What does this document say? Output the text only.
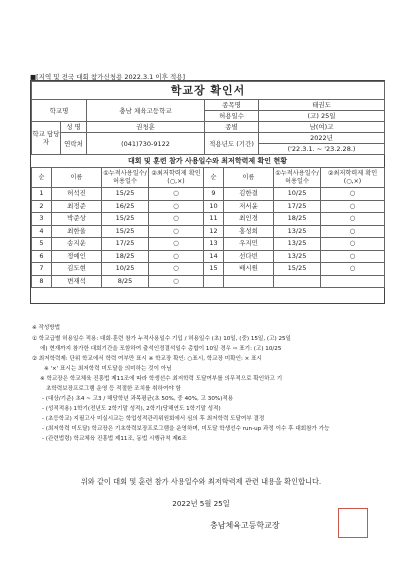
■[지역 및 전국 대회 참가신청용 2022.3.1 이후 적용]
학교장 확인서				
학교명		충남 체육고등학교	종목명	태권도
			허용일수	(고) 25일
학교 담당자	성 명	권청훈	종별	남(여)고
	연락처	(041)730-9122	적용년도 (기간)	2022년
				('22.3.1. ~ '23.2.28.)
대회 및 훈련 참가 사용일수와 최저학력제 확인 현황
순	이름	①누적사용일수/허용일수	②최저학력제 확인(○,×)	순	이름	①누적사용일수/허용일수	②최저학력제 확인(○,×)
1	허석진	15/25	○	9	김한결	10/25	○
2	최정준	16/25	○	10	저서윤	17/25	○
3	박준상	15/25	○	11	최인경	18/25	○
4	최한울	15/25	○	12	홍성희	13/25	○
5	송지운	17/25	○	13	우지민	13/25	○
6	정예인	18/25	○	14	선다빈	13/25	○
7	김도현	10/25	○	15	배시원	15/25	○
8	변재석	8/25	○				
※ 작성방법
① 학교급별 허용일수 적용: 대회·훈련 참가 누적사용일수 기입 / 허용일수 (초) 10일, (중) 15일, (고) 25일
에) 현재까지 참가한 대회기간을 포함하여 출석인정결석일수 총합이 10일 경우 ⇨ 표기: (고) 10/25
② 최저학력제: 단위 학교에서 학력 여부만 표시 ※ 학교장 확인: ○표시, 학교장 미확인: × 표시
※ '×' 표시는 최저학력 미도달을 의미하는 것이 아님
※ 학교장은 학교체육 진흥법 제11조에 따라 학생선수 최저학력 도달여부를 의무적으로 확인하고 기
초학력보장프로그램 운영 등 적절한 조치를 취하여야 함
- (대상/기준) 초4 ~ 고3 / 해당학년 과목평균(초 50%, 중 40%, 고 30%)적용
- (성적적용) 1학기(전년도 2학기말 성적), 2학기(당해연도 1학기말 성적)
- (초등학교) 지필고사 미실시교는 학업성적관리위원회에서 심의 후 최저학력 도달여부 결정
- (최저학력 미도달) 학교장은 기초학력보장프로그램을 운영하며, 미도달 학생선수 run-up 과정 이수 후 대회참가 가능
- (관련법령) 학교체육 진흥법 제11조, 동법 시행규칙 제6조
위와 같이 대회 및 훈련 참가 사용일수와 최저학력제 관련 내용을 확인합니다.
2022년 5월 25일
충남체육고등학교장
